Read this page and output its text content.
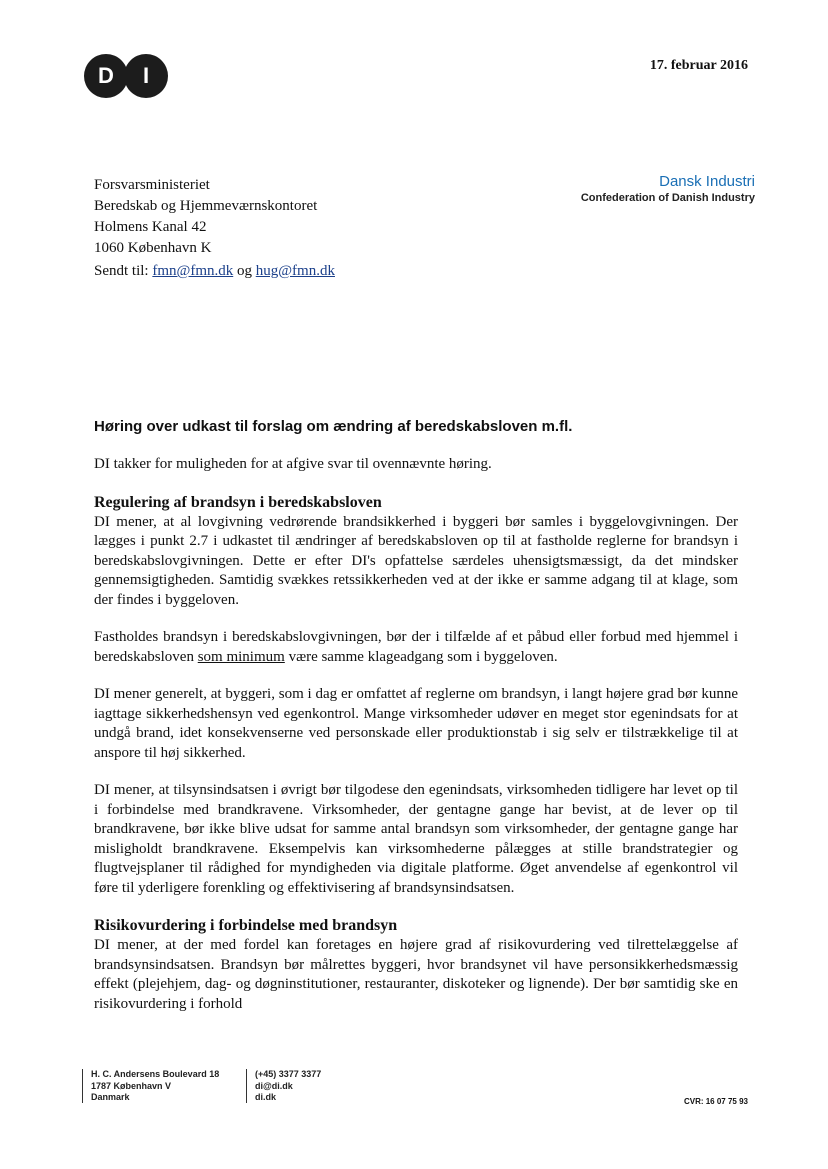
D	I	17. februar 2016
Dansk Industri
Confederation of Danish Industry
Forsvarsministeriet
Beredskab og Hjemmeværnskontoret
Holmens Kanal 42
1060 København K
Sendt til: fmn@fmn.dk og hug@fmn.dk
Høring over udkast til forslag om ændring af beredskabsloven m.fl.

DI takker for muligheden for at afgive svar til ovennævnte høring.

Regulering af brandsyn i beredskabsloven

DI mener, at al lovgivning vedrørende brandsikkerhed i byggeri bør samles i byggelovgivningen. Der lægges i punkt 2.7 i udkastet til ændringer af beredskabsloven op til at fastholde reglerne for brandsyn i beredskabslovgivningen. Dette er efter DI's opfattelse særdeles uhensigtsmæssigt, da det mindsker gennemsigtigheden. Samtidig svækkes retssikkerheden ved at der ikke er samme adgang til at klage, som der findes i byggeloven.

Fastholdes brandsyn i beredskabslovgivningen, bør der i tilfælde af et påbud eller forbud med hjemmel i beredskabsloven som minimum være samme klageadgang som i byggeloven.

DI mener generelt, at byggeri, som i dag er omfattet af reglerne om brandsyn, i langt højere grad bør kunne iagttage sikkerhedshensyn ved egenkontrol. Mange virksomheder udøver en meget stor egenindsats for at undgå brand, idet konsekvenserne ved personskade eller produktionstab i sig selv er tilstrækkelige til at anspore til høj sikkerhed.

DI mener, at tilsynsindsatsen i øvrigt bør tilgodese den egenindsats, virksomheden tidligere har levet op til i forbindelse med brandkravene. Virksomheder, der gentagne gange har bevist, at de lever op til brandkravene, bør ikke blive udsat for samme antal brandsyn som virksomheder, der gentagne gange har misligholdt brandkravene. Eksempelvis kan virksomhederne pålægges at stille brandstrategier og flugtvejsplaner til rådighed for myndigheden via digitale platforme. Øget anvendelse af egenkontrol vil føre til yderligere forenkling og effektivisering af brandsynsindsatsen.

Risikovurdering i forbindelse med brandsyn

DI mener, at der med fordel kan foretages en højere grad af risikovurdering ved tilrettelæggelse af brandsynsindsatsen. Brandsyn bør målrettes byggeri, hvor brandsynet vil have personsikkerhedsmæssig effekt (plejehjem, dag- og døgninstitutioner, restauranter, diskoteker og lignende). Der bør samtidig ske en risikovurdering i forhold

H. C. Andersens Boulevard 18
1787 København V
Danmark
(+45) 3377 3377
di@di.dk
di.dk	CVR: 16 07 75 93
